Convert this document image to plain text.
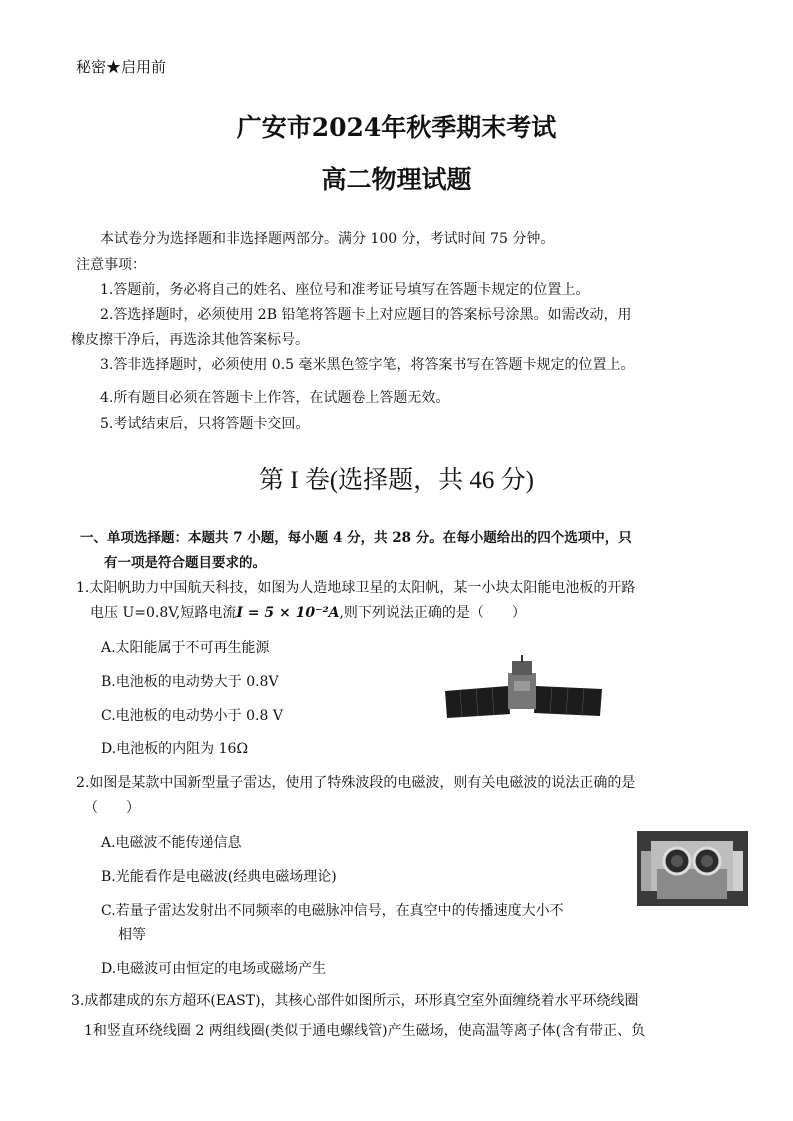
秘密★启用前
广安市2024年秋季期末考试
高二物理试题
本试卷分为选择题和非选择题两部分。满分 100 分，考试时间 75 分钟。
注意事项：
1.答题前，务必将自己的姓名、座位号和准考证号填写在答题卡规定的位置上。
2.答选择题时，必须使用 2B 铅笔将答题卡上对应题目的答案标号涂黑。如需改动，用
橡皮擦干净后，再选涂其他答案标号。
3.答非选择题时，必须使用 0.5 毫米黑色签字笔，将答案书写在答题卡规定的位置上。
4.所有题目必须在答题卡上作答，在试题卷上答题无效。
5.考试结束后，只将答题卡交回。
第 I 卷(选择题，共 46 分)
一、单项选择题：本题共 7 小题，每小题 4 分，共 28 分。在每小题给出的四个选项中，只
有一项是符合题目要求的。
1.太阳帆助力中国航天科技，如图为人造地球卫星的太阳帆，某一小块太阳能电池板的开路
电压 U=0.8V,短路电流I = 5 × 10⁻²A,则下列说法正确的是（　　）
A.太阳能属于不可再生能源
B.电池板的电动势大于 0.8V
C.电池板的电动势小于 0.8 V
D.电池板的内阻为 16Ω
2.如图是某款中国新型量子雷达，使用了特殊波段的电磁波，则有关电磁波的说法正确的是
（　　）
A.电磁波不能传递信息
B.光能看作是电磁波(经典电磁场理论)
C.若量子雷达发射出不同频率的电磁脉冲信号，在真空中的传播速度大小不
相等
D.电磁波可由恒定的电场或磁场产生
3.成都建成的东方超环(EAST)，其核心部件如图所示，环形真空室外面缠绕着水平环绕线圈
1和竖直环绕线圈 2 两组线圈(类似于通电螺线管)产生磁场，使高温等离子体(含有带正、负
